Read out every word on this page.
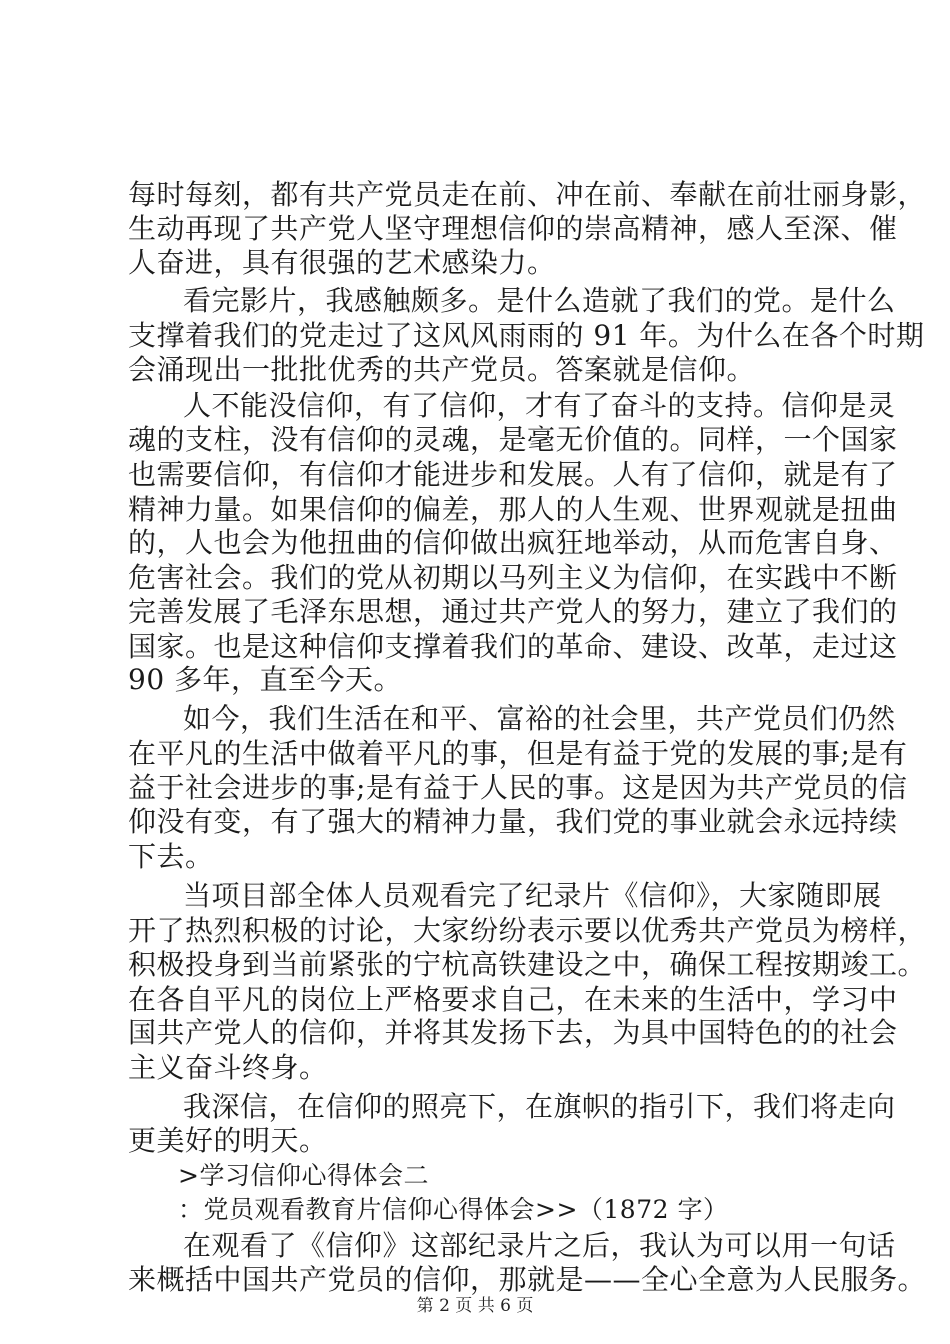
每时每刻，都有共产党员走在前、冲在前、奉献在前壮丽身影，
生动再现了共产党人坚守理想信仰的崇高精神，感人至深、催
人奋进，具有很强的艺术感染力。
看完影片，我感触颇多。是什么造就了我们的党。是什么
支撑着我们的党走过了这风风雨雨的 91 年。为什么在各个时期
会涌现出一批批优秀的共产党员。答案就是信仰。
人不能没信仰，有了信仰，才有了奋斗的支持。信仰是灵
魂的支柱，没有信仰的灵魂，是毫无价值的。同样，一个国家
也需要信仰，有信仰才能进步和发展。人有了信仰，就是有了
精神力量。如果信仰的偏差，那人的人生观、世界观就是扭曲
的，人也会为他扭曲的信仰做出疯狂地举动，从而危害自身、
危害社会。我们的党从初期以马列主义为信仰，在实践中不断
完善发展了毛泽东思想，通过共产党人的努力，建立了我们的
国家。也是这种信仰支撑着我们的革命、建设、改革，走过这
90 多年，直至今天。
如今，我们生活在和平、富裕的社会里，共产党员们仍然
在平凡的生活中做着平凡的事，但是有益于党的发展的事;是有
益于社会进步的事;是有益于人民的事。这是因为共产党员的信
仰没有变，有了强大的精神力量，我们党的事业就会永远持续
下去。
当项目部全体人员观看完了纪录片《信仰》，大家随即展
开了热烈积极的讨论，大家纷纷表示要以优秀共产党员为榜样，
积极投身到当前紧张的宁杭高铁建设之中，确保工程按期竣工。
在各自平凡的岗位上严格要求自己，在未来的生活中，学习中
国共产党人的信仰，并将其发扬下去，为具中国特色的的社会
主义奋斗终身。
我深信，在信仰的照亮下，在旗帜的指引下，我们将走向
更美好的明天。
>学习信仰心得体会二
：党员观看教育片信仰心得体会>>（1872 字）
第 2 页 共 6 页
在观看了《信仰》这部纪录片之后，我认为可以用一句话
来概括中国共产党员的信仰，那就是——全心全意为人民服务。
